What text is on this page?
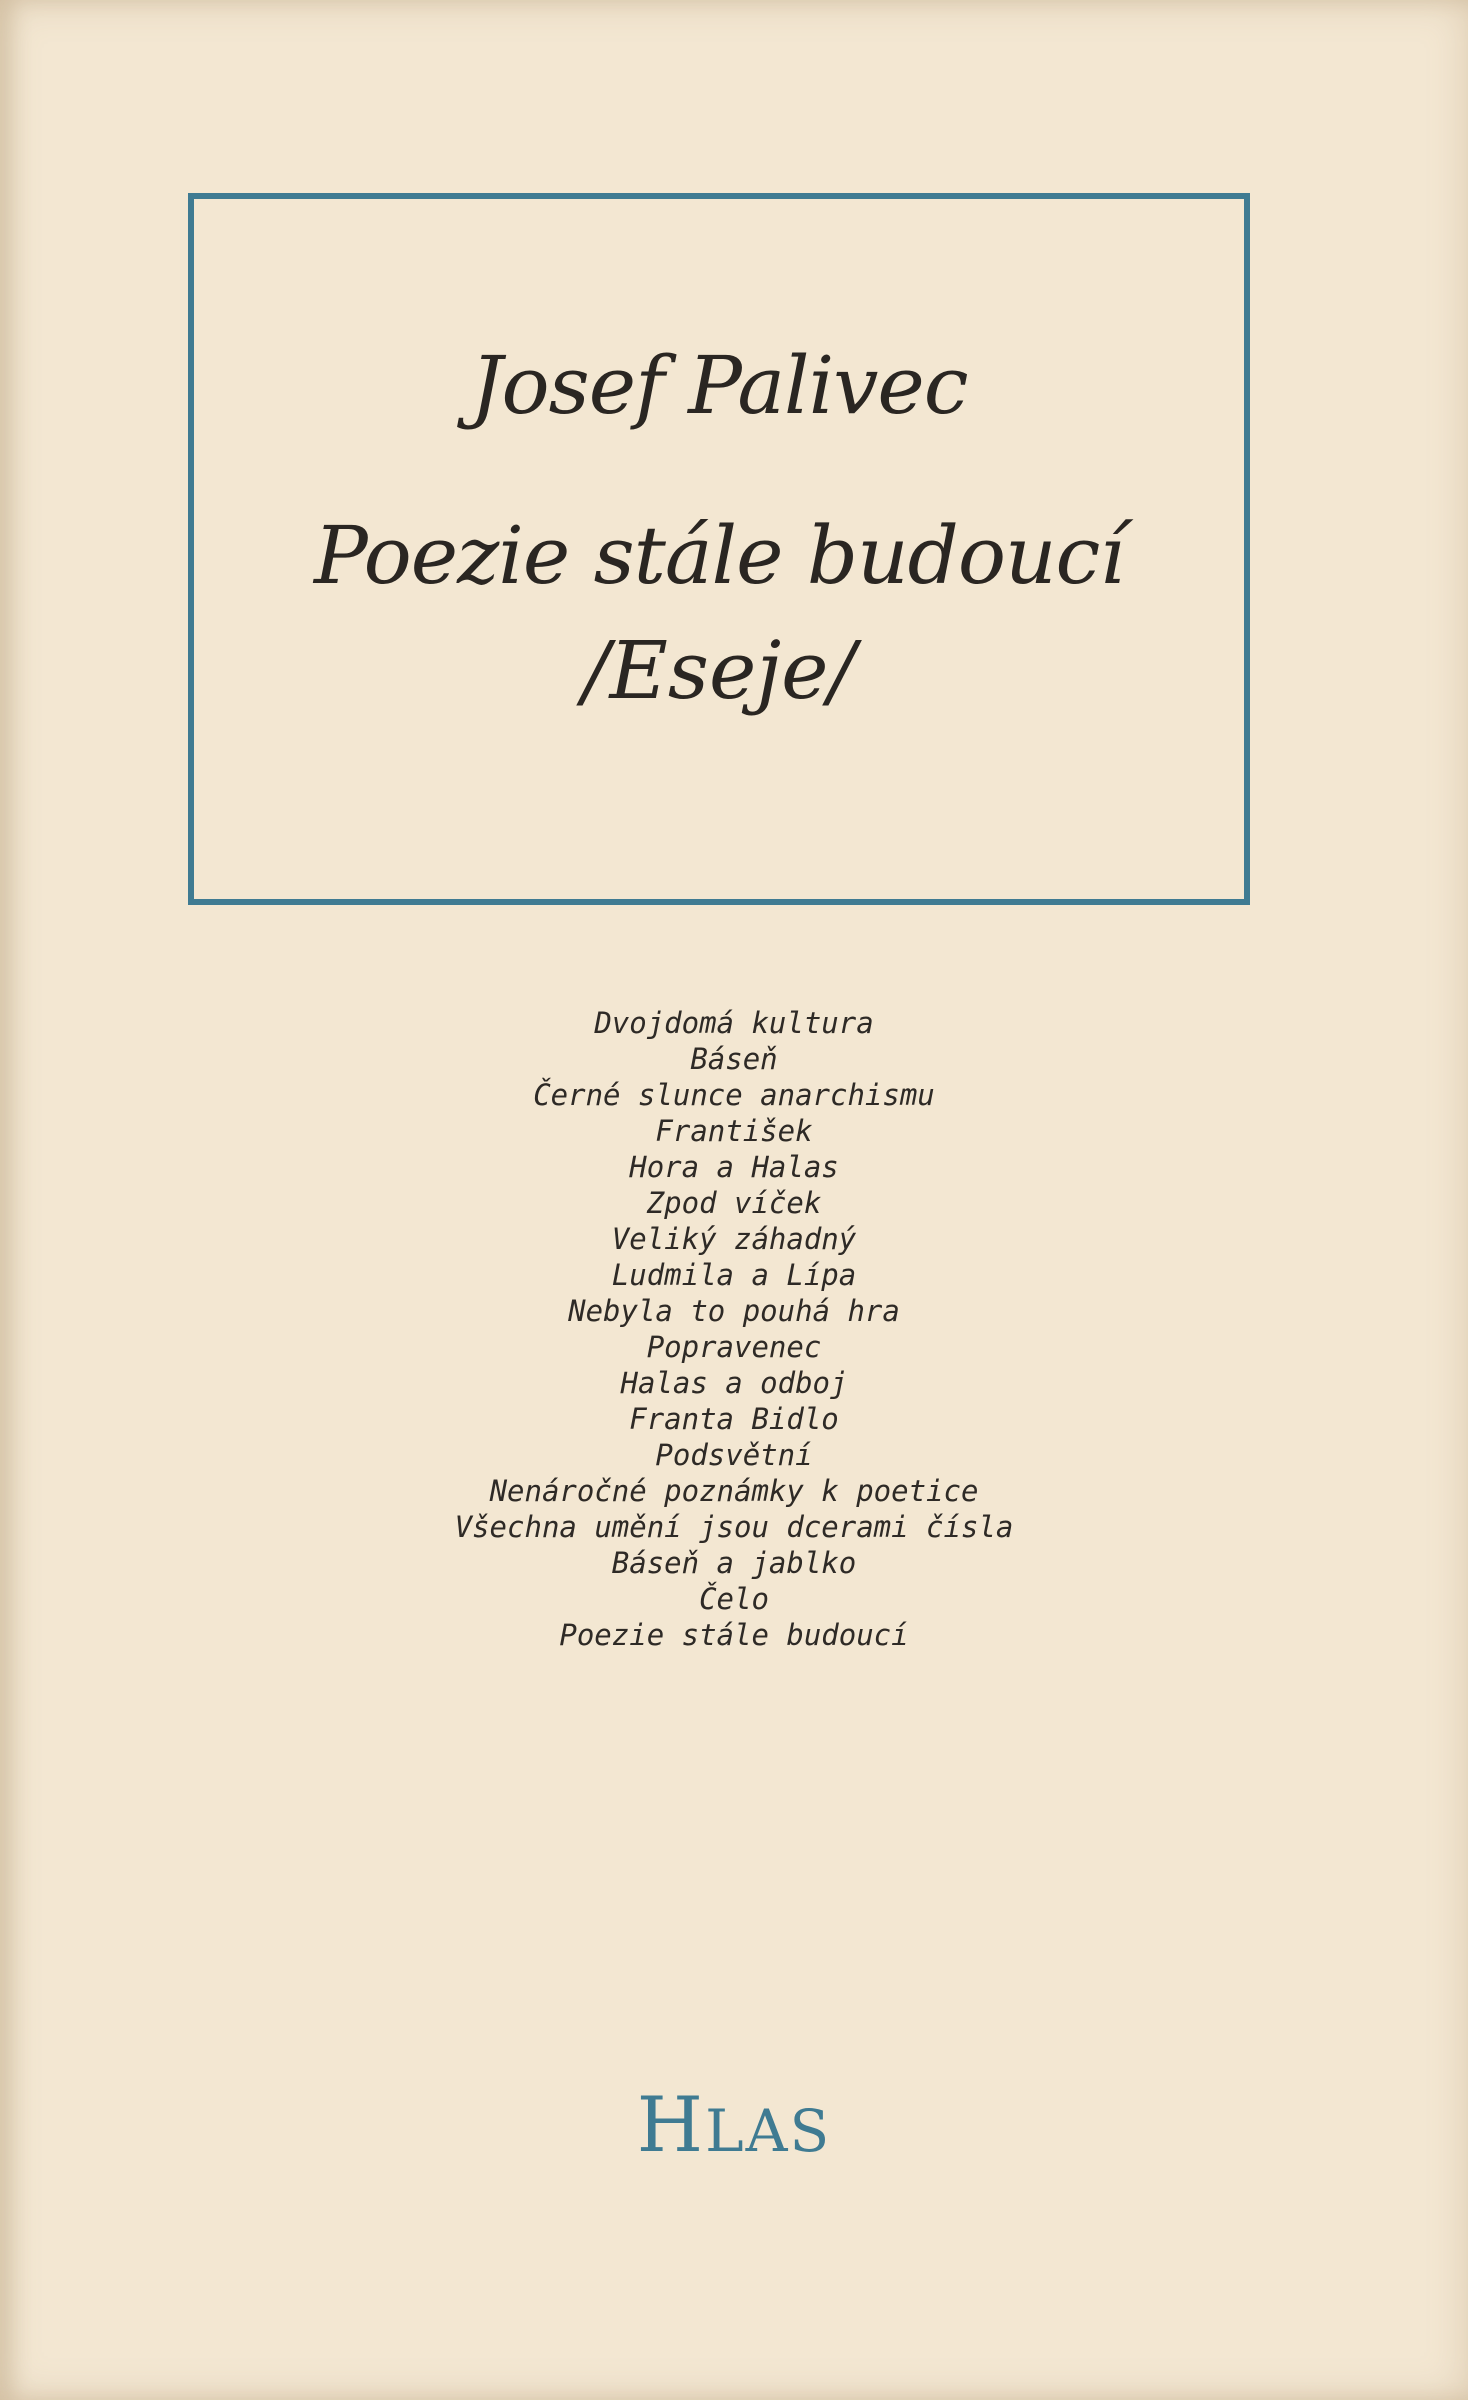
Josef Palivec
Poezie stále budoucí
/Eseje/
Dvojdomá kultura
Báseň
Černé slunce anarchismu
František
Hora a Halas
Zpod víček
Veliký záhadný
Ludmila a Lípa
Nebyla to pouhá hra
Popravenec
Halas a odboj
Franta Bidlo
Podsvětní
Nenáročné poznámky k poetice
Všechna umění jsou dcerami čísla
Báseň a jablko
Čelo
Poezie stále budoucí
HLAS
